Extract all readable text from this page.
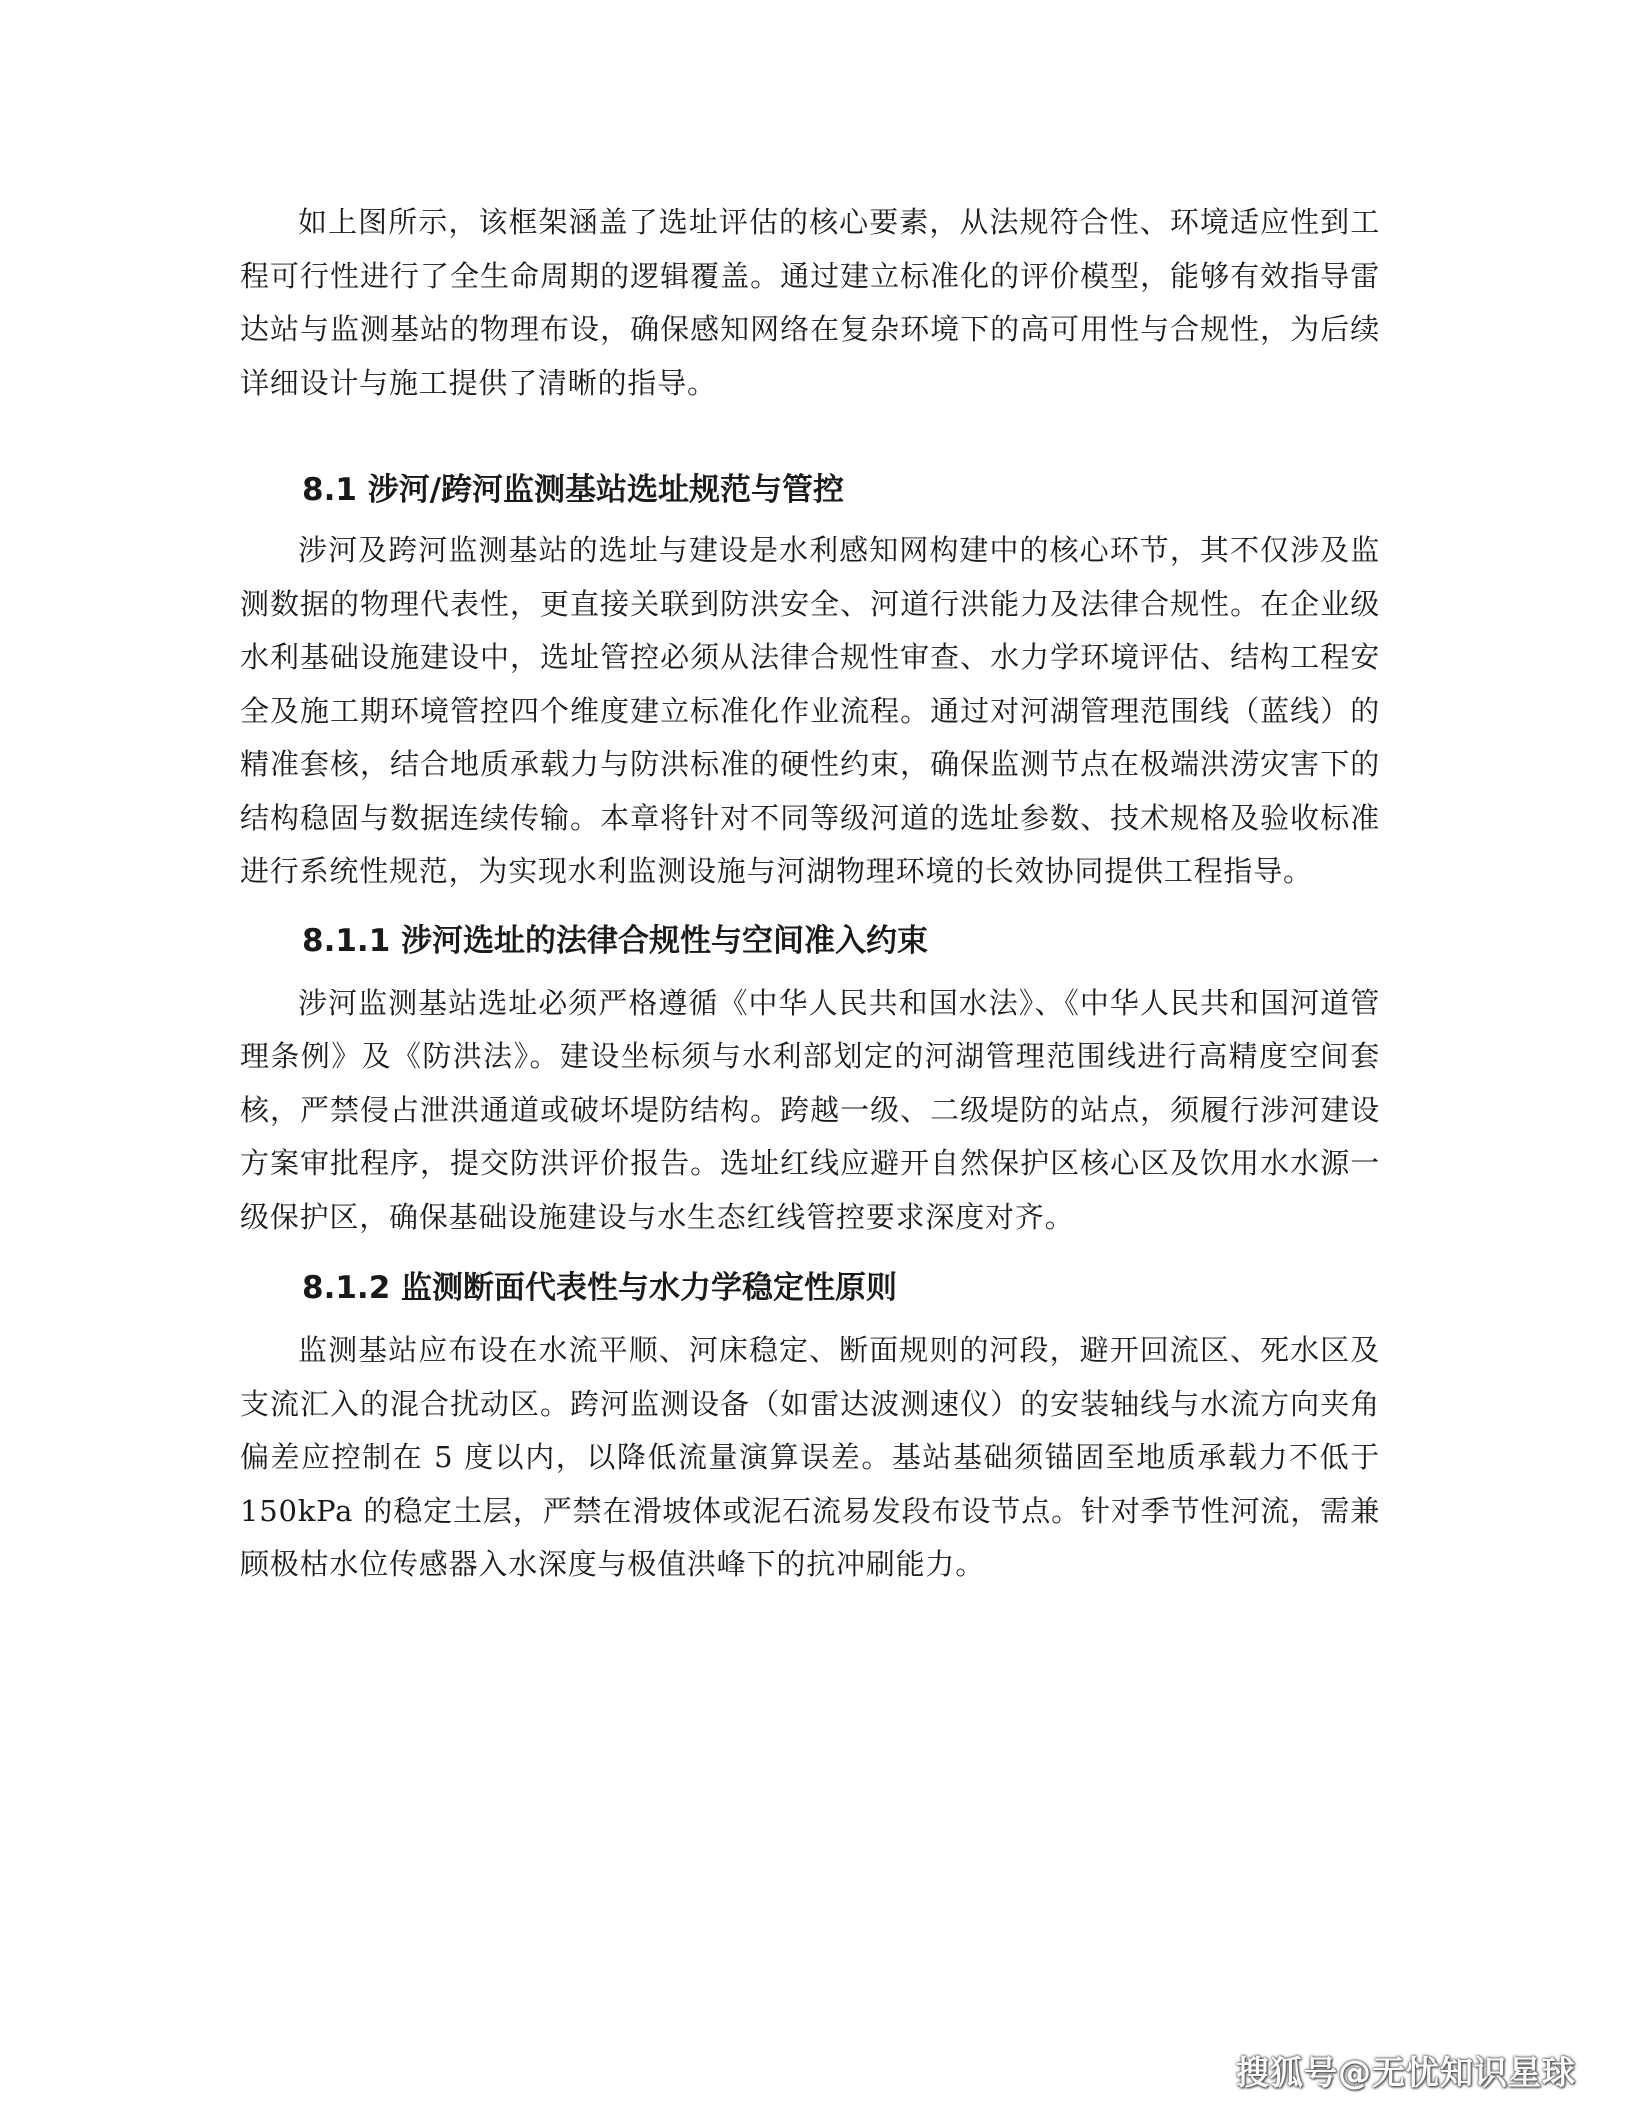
如上图所示，该框架涵盖了选址评估的核心要素，从法规符合性、环境适应性到工程可行性进行了全生命周期的逻辑覆盖。通过建立标准化的评价模型，能够有效指导雷达站与监测基站的物理布设，确保感知网络在复杂环境下的高可用性与合规性，为后续详细设计与施工提供了清晰的指导。

8.1 涉河/跨河监测基站选址规范与管控

涉河及跨河监测基站的选址与建设是水利感知网构建中的核心环节，其不仅涉及监测数据的物理代表性，更直接关联到防洪安全、河道行洪能力及法律合规性。在企业级水利基础设施建设中，选址管控必须从法律合规性审查、水力学环境评估、结构工程安全及施工期环境管控四个维度建立标准化作业流程。通过对河湖管理范围线（蓝线）的精准套核，结合地质承载力与防洪标准的硬性约束，确保监测节点在极端洪涝灾害下的结构稳固与数据连续传输。本章将针对不同等级河道的选址参数、技术规格及验收标准进行系统性规范，为实现水利监测设施与河湖物理环境的长效协同提供工程指导。

8.1.1 涉河选址的法律合规性与空间准入约束

涉河监测基站选址必须严格遵循《中华人民共和国水法》、《中华人民共和国河道管理条例》及《防洪法》。建设坐标须与水利部划定的河湖管理范围线进行高精度空间套核，严禁侵占泄洪通道或破坏堤防结构。跨越一级、二级堤防的站点，须履行涉河建设方案审批程序，提交防洪评价报告。选址红线应避开自然保护区核心区及饮用水水源一级保护区，确保基础设施建设与水生态红线管控要求深度对齐。

8.1.2 监测断面代表性与水力学稳定性原则

监测基站应布设在水流平顺、河床稳定、断面规则的河段，避开回流区、死水区及支流汇入的混合扰动区。跨河监测设备（如雷达波测速仪）的安装轴线与水流方向夹角偏差应控制在 5 度以内，以降低流量演算误差。基站基础须锚固至地质承载力不低于 150kPa 的稳定土层，严禁在滑坡体或泥石流易发段布设节点。针对季节性河流，需兼顾极枯水位传感器入水深度与极值洪峰下的抗冲刷能力。

搜狐号@无忧知识星球
